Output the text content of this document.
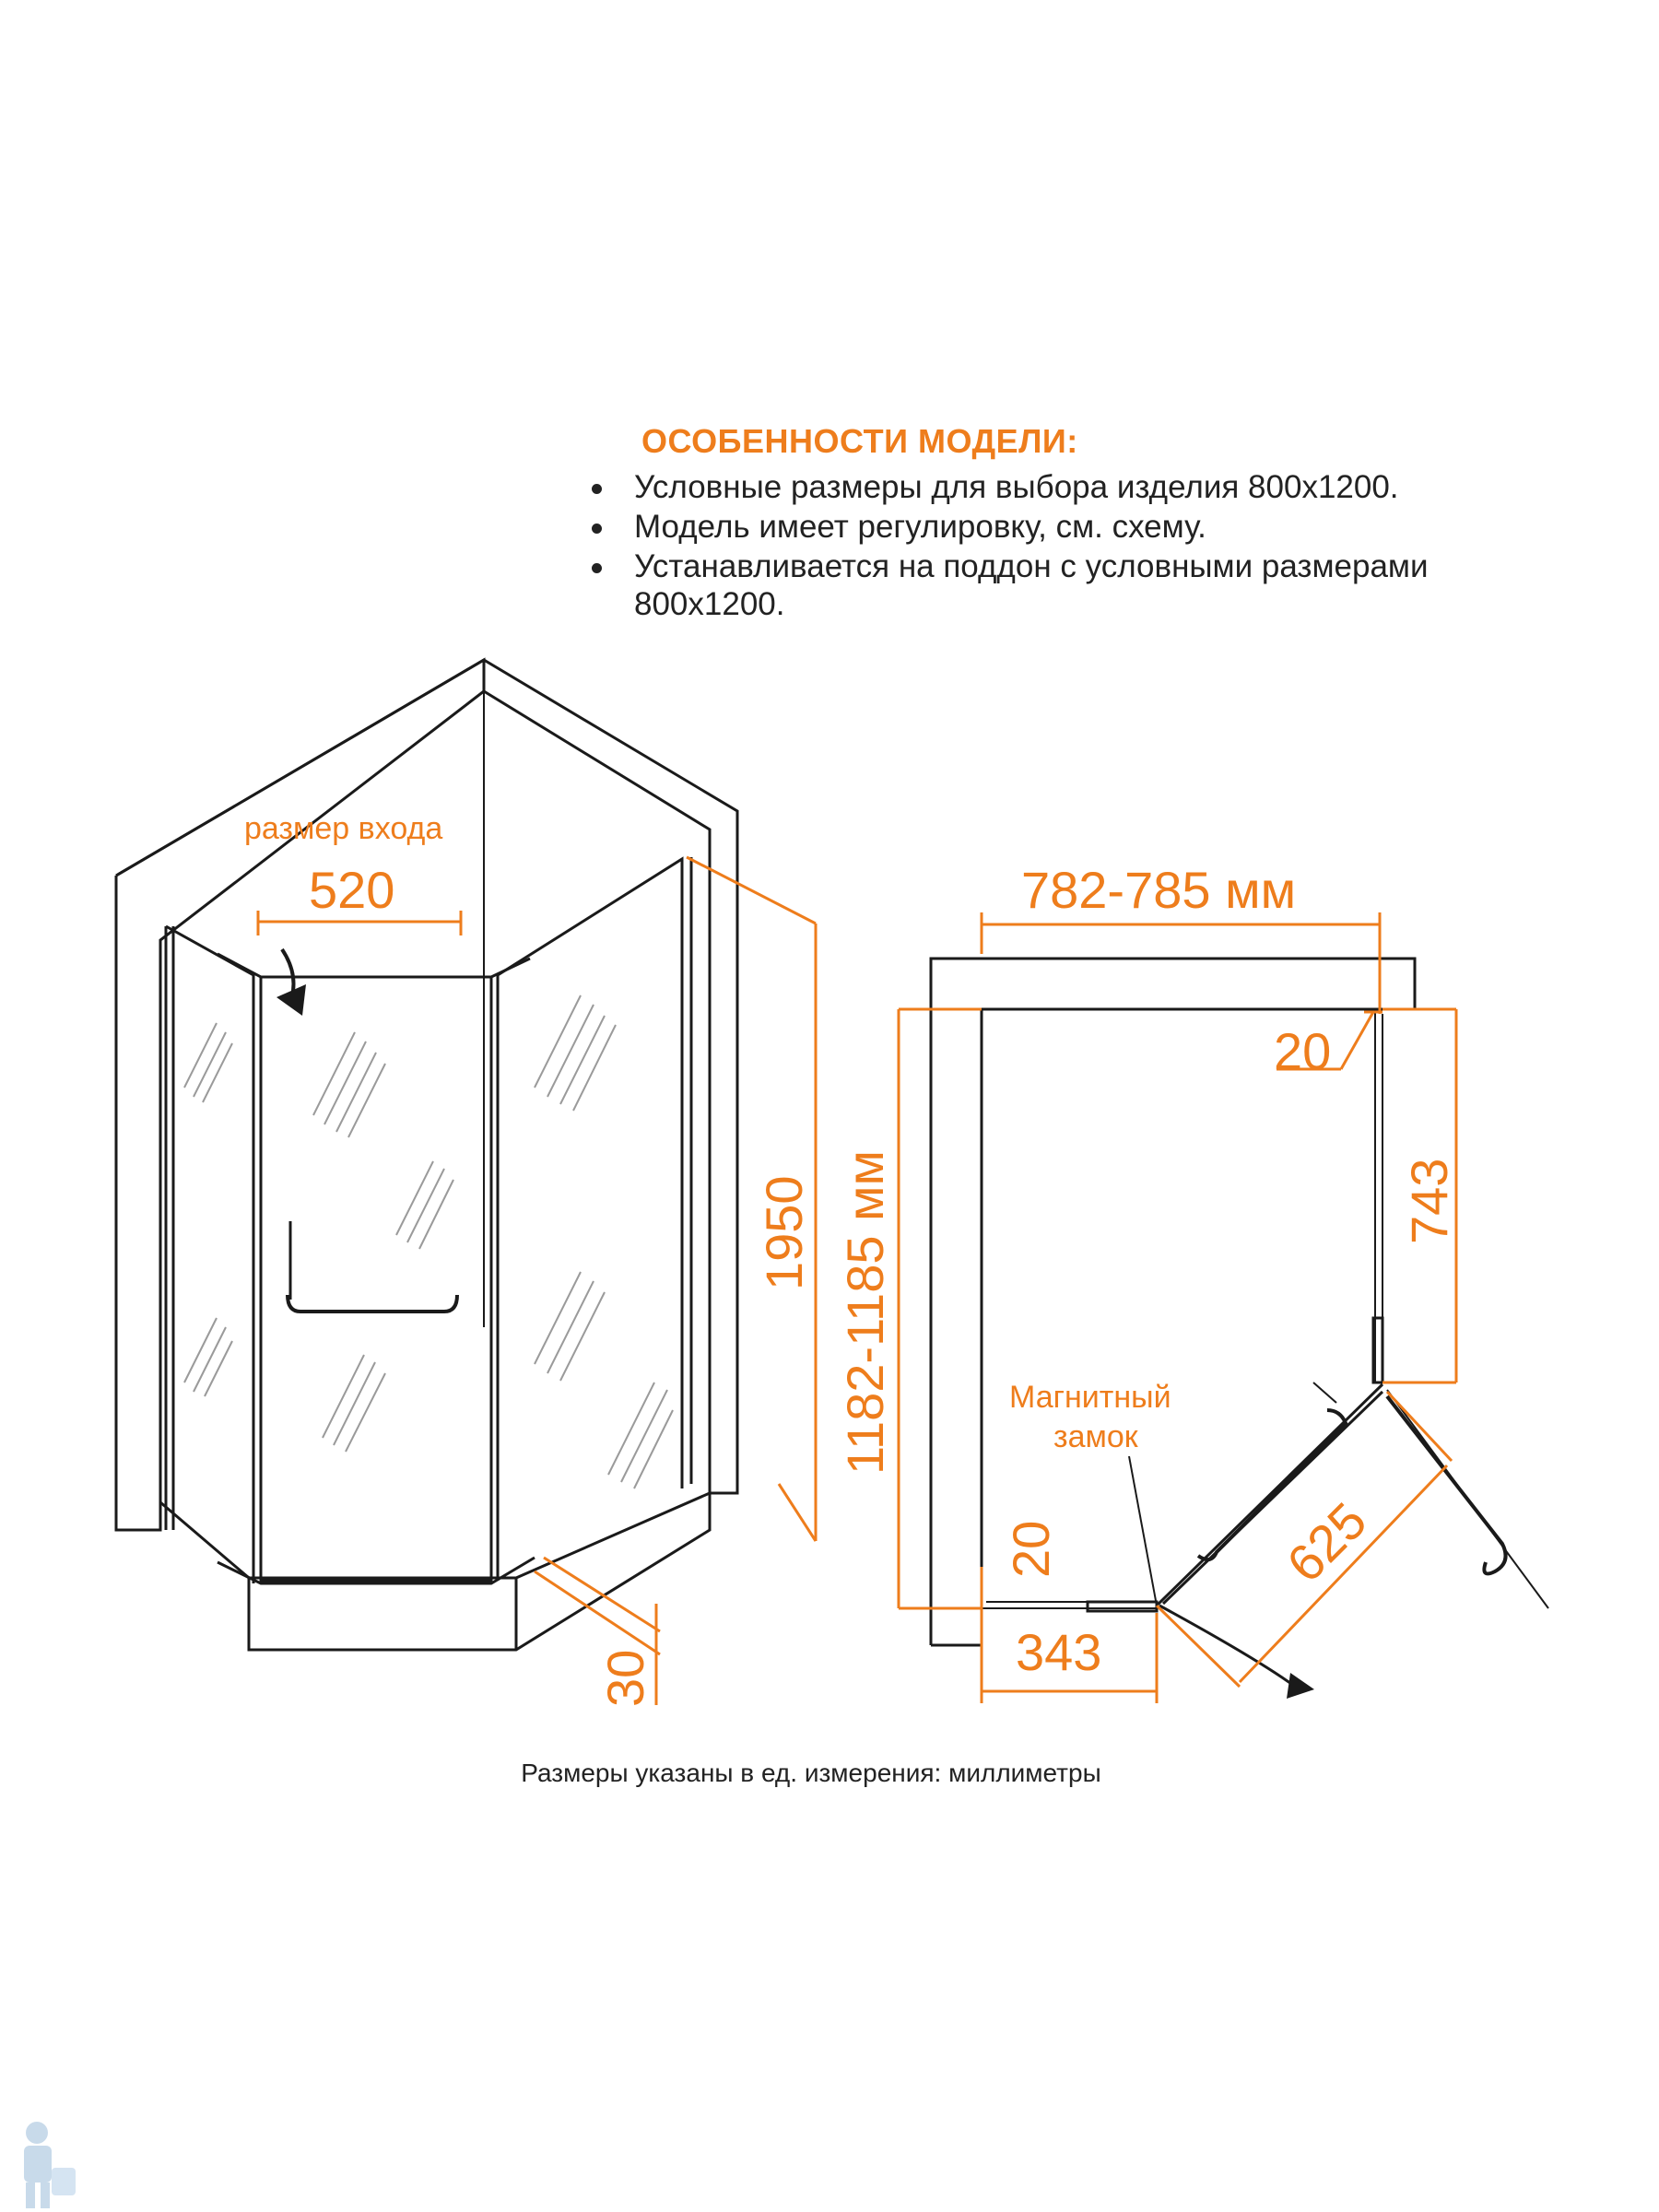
ОСОБЕННОСТИ МОДЕЛИ:
Условные размеры для выбора изделия 800x1200.
Модель имеет регулировку, см. схему.
Устанавливается на поддон с условными размерами
800x1200.
размер входа
520
1950
30
782-785 мм
1182-1185 мм
20
743
20
343
625
Магнитный
замок
Размеры указаны в ед. измерения: миллиметры
